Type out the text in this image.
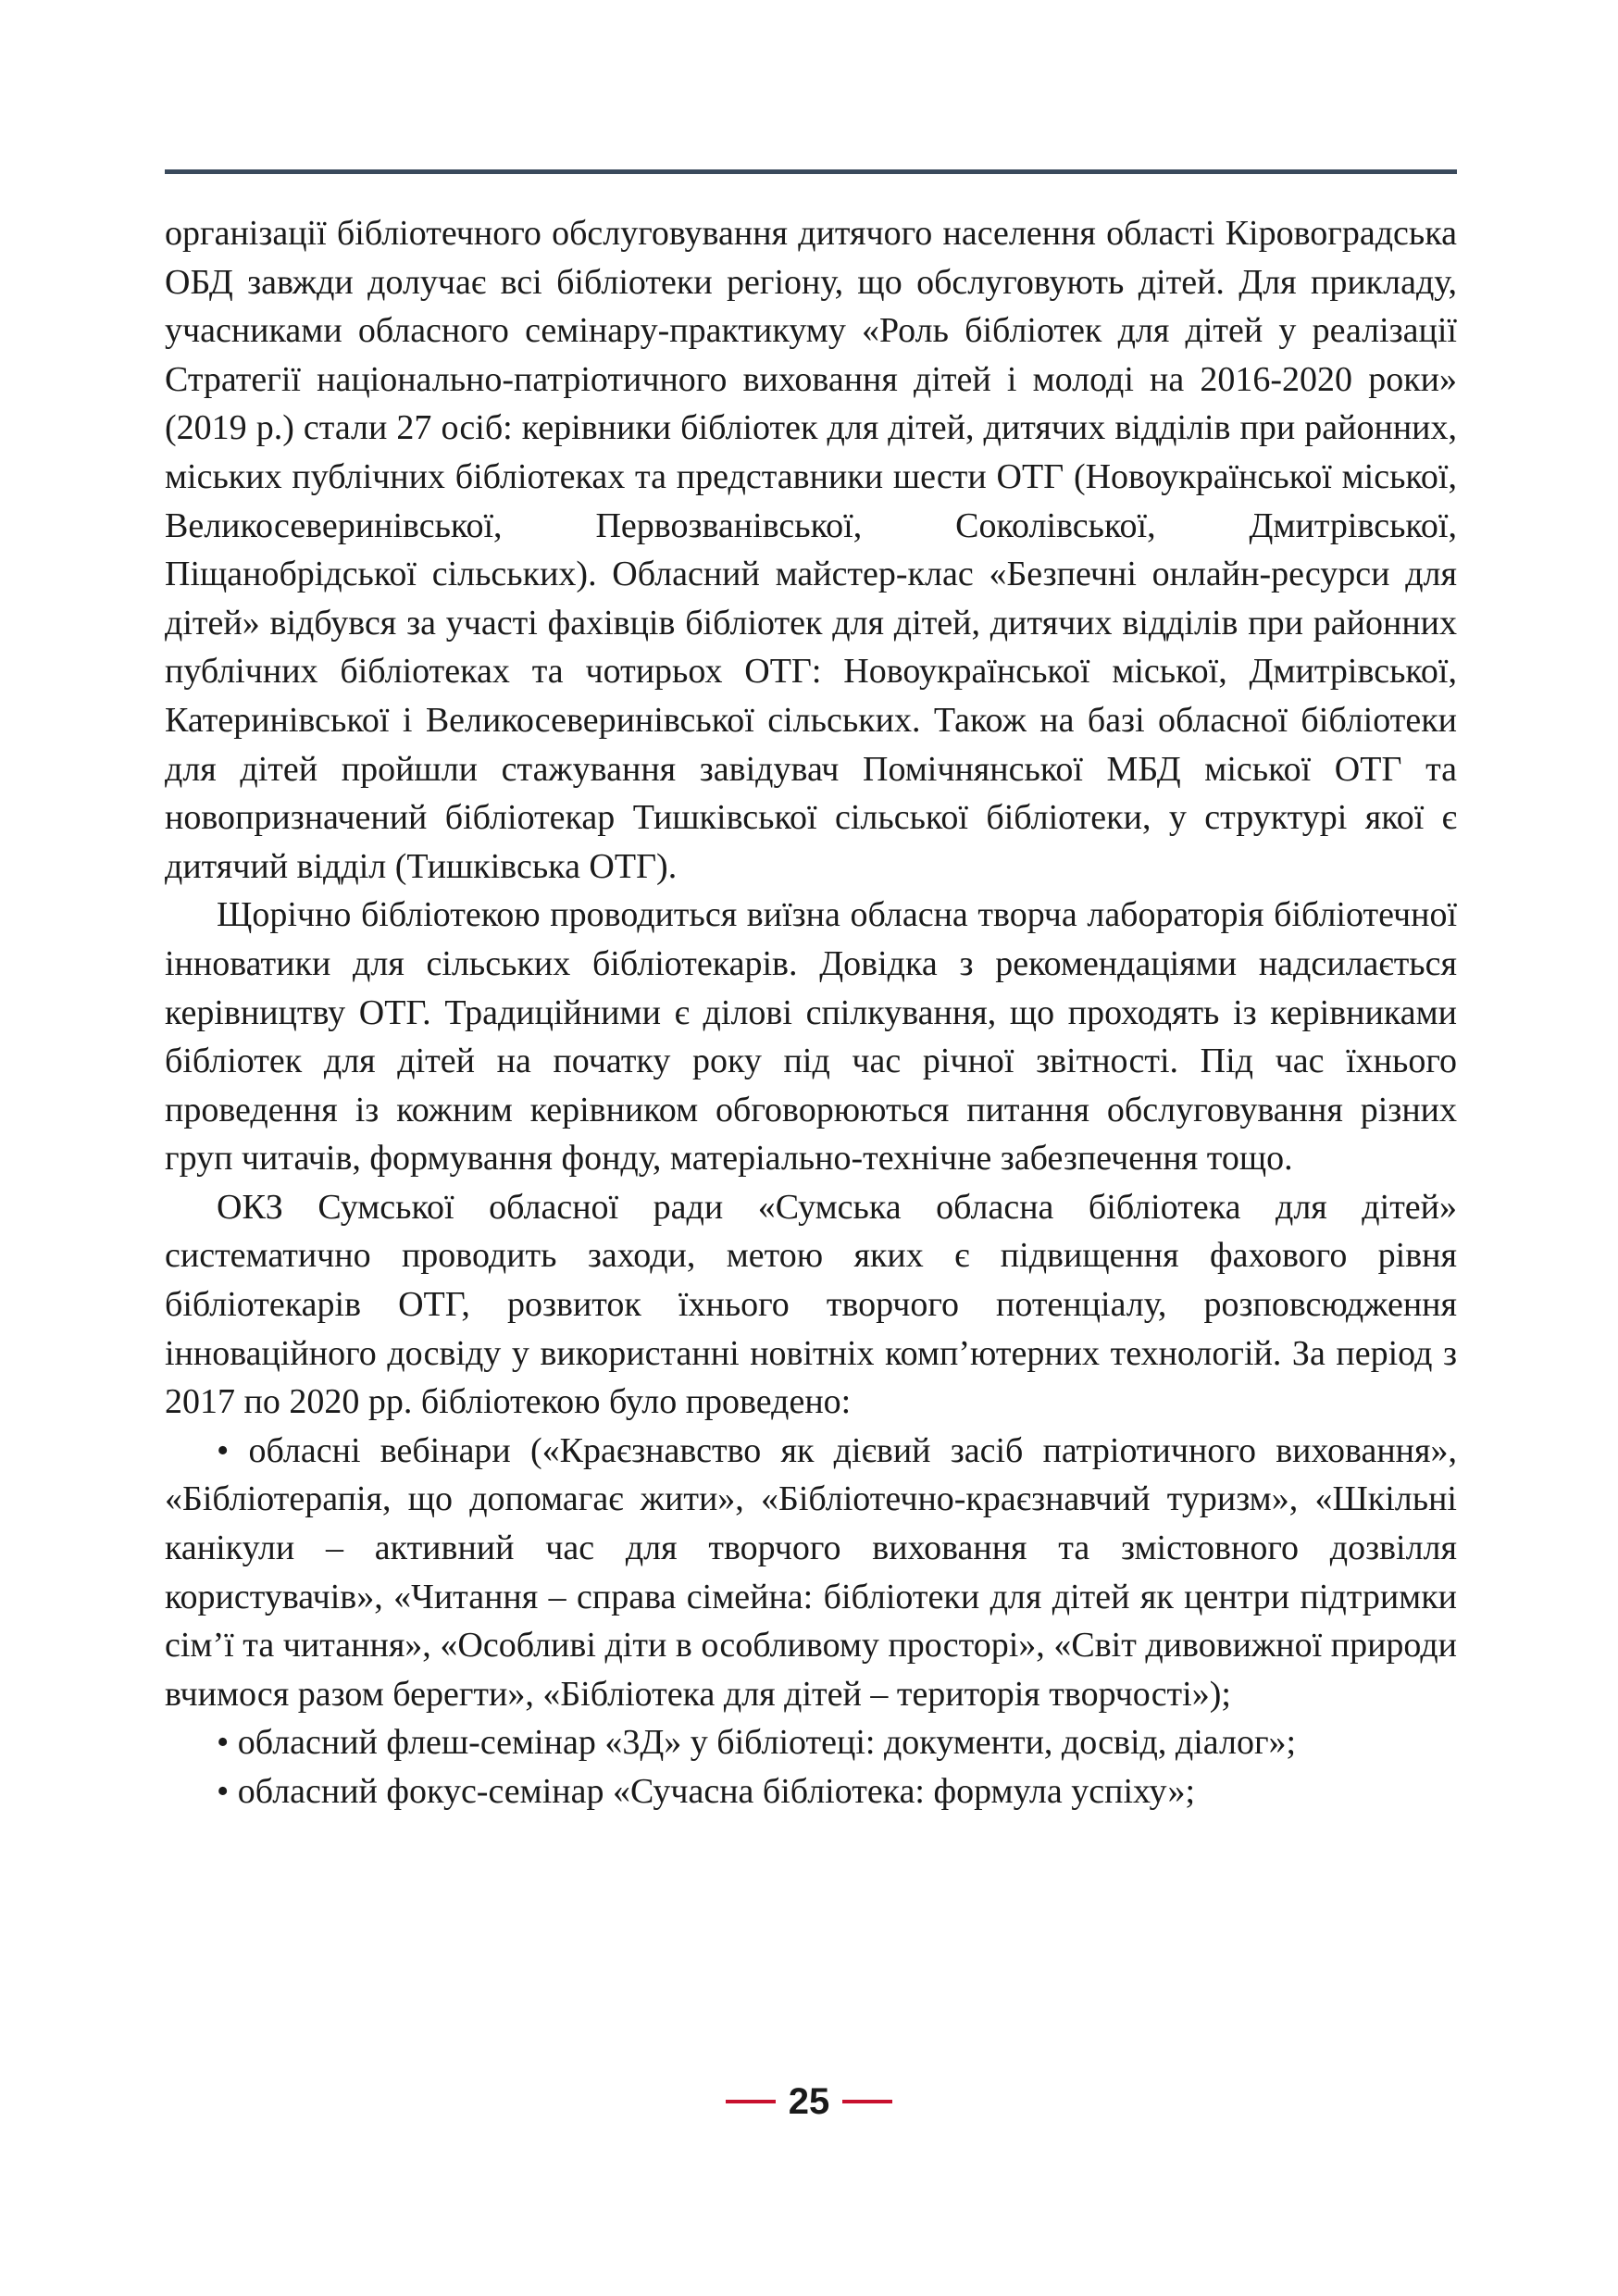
організації бібліотечного обслуговування дитячого населення області Кіровоградська ОБД завжди долучає всі бібліотеки регіону, що обслуговують дітей. Для прикладу, учасниками обласного семінару-практикуму «Роль бібліотек для дітей у реалізації Стратегії національно-патріотичного виховання дітей і молоді на 2016-2020 роки» (2019 р.) стали 27 осіб: керівники бібліотек для дітей, дитячих відділів при районних, міських публічних бібліотеках та представники шести ОТГ (Новоукраїнської міської, Великосеверинівської, Первозванівської, Соколівської, Дмитрівської, Піщанобрідської сільських). Обласний майстер-клас «Безпечні онлайн-ресурси для дітей» відбувся за участі фахівців бібліотек для дітей, дитячих відділів при районних публічних бібліотеках та чотирьох ОТГ: Новоукраїнської міської, Дмитрівської, Катеринівської і Великосеверинівської сільських. Також на базі обласної бібліотеки для дітей пройшли стажування завідувач Помічнянської МБД міської ОТГ та новопризначений бібліотекар Тишківської сільської бібліотеки, у структурі якої є дитячий відділ (Тишківська ОТГ).

Щорічно бібліотекою проводиться виїзна обласна творча лабораторія бібліотечної інноватики для сільських бібліотекарів. Довідка з рекомендаціями надсилається керівництву ОТГ. Традиційними є ділові спілкування, що проходять із керівниками бібліотек для дітей на початку року під час річної звітності. Під час їхнього проведення із кожним керівником обговорюються питання обслуговування різних груп читачів, формування фонду, матеріально-технічне забезпечення тощо.

ОКЗ Сумської обласної ради «Сумська обласна бібліотека для дітей» систематично проводить заходи, метою яких є підвищення фахового рівня бібліотекарів ОТГ, розвиток їхнього творчого потенціалу, розповсюдження інноваційного досвіду у використанні новітніх комп’ютерних технологій. За період з 2017 по 2020 рр. бібліотекою було проведено:

• обласні вебінари («Краєзнавство як дієвий засіб патріотичного виховання», «Бібліотерапія, що допомагає жити», «Бібліотечно-краєзнавчий туризм», «Шкільні канікули – активний час для творчого виховання та змістовного дозвілля користувачів», «Читання – справа сімейна: бібліотеки для дітей як центри підтримки сім’ї та читання», «Особливі діти в особливому просторі», «Світ дивовижної природи вчимося разом берегти», «Бібліотека для дітей – територія творчості»);

• обласний флеш-семінар «3Д» у бібліотеці: документи, досвід, діалог»;

• обласний фокус-семінар «Сучасна бібліотека: формула успіху»;

25
